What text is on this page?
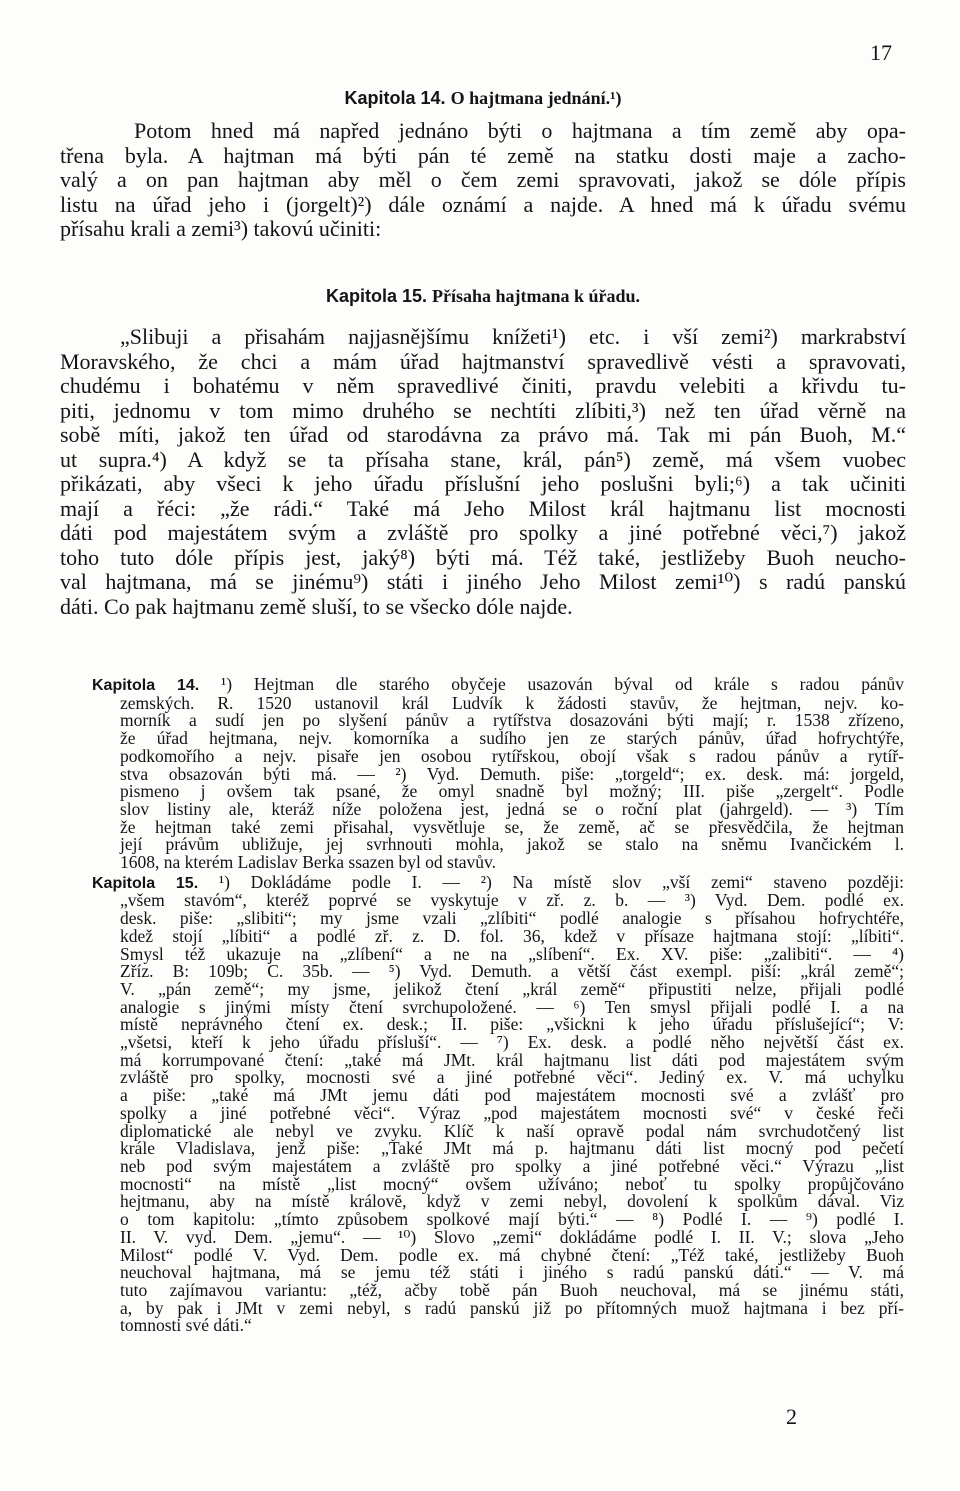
17
Kapitola 14. O hajtmana jednání.¹)

Potom hned má napřed jednáno býti o hajtmana a tím země aby opa-
třena byla. A hajtman má býti pán té země na statku dosti maje a zacho-
valý a on pan hajtman aby měl o čem zemi spravovati, jakož se dóle přípis
listu na úřad jeho i (jorgelt)²) dále oznámí a najde. A hned má k úřadu svému
přísahu krali a zemi³) takovú učiniti:

Kapitola 15. Přísaha hajtmana k úřadu.

„Slibuji a přisahám najjasnějšímu knížeti¹) etc. i vší zemi²) markrabství
Moravského, že chci a mám úřad hajtmanství spravedlivě vésti a spravovati,
chudému i bohatému v něm spravedlivé činiti, pravdu velebiti a křivdu tu-
piti, jednomu v tom mimo druhého se nechtíti zlíbiti,³) než ten úřad věrně na
sobě míti, jakož ten úřad od starodávna za právo má. Tak mi pán Buoh, M.“
ut supra.⁴) A když se ta přísaha stane, král, pán⁵) země, má všem vuobec
přikázati, aby všeci k jeho úřadu příslušní jeho poslušni byli;⁶) a tak učiniti
mají a řéci: „že rádi.“ Také má Jeho Milost král hajtmanu list mocnosti
dáti pod majestátem svým a zvláště pro spolky a jiné potřebné věci,⁷) jakož
toho tuto dóle přípis jest, jaký⁸) býti má. Též také, jestližeby Buoh neucho-
val hajtmana, má se jinému⁹) státi i jiného Jeho Milost zemi¹⁰) s radú panskú
dáti. Co pak hajtmanu země sluší, to se všecko dóle najde.

Kapitola 14. ¹) Hejtman dle starého obyčeje usazován býval od krále s radou pánův
zemských. R. 1520 ustanovil král Ludvík k žádosti stavův, že hejtman, nejv. ko-
morník a sudí jen po slyšení pánův a rytířstva dosazováni býti mají; r. 1538 zřízeno,
že úřad hejtmana, nejv. komorníka a sudího jen ze starých pánův, úřad hofrychtýře,
podkomořího a nejv. pisaře jen osobou rytířskou, obojí však s radou pánův a rytíř-
stva obsazován býti má. — ²) Vyd. Demuth. piše: „torgeld“; ex. desk. má: jorgeld,
pismeno j ovšem tak psané, že omyl snadně byl možný; III. piše „zergelt“. Podle
slov listiny ale, kteráž níže položena jest, jedná se o roční plat (jahrgeld). — ³) Tím
že hejtman také zemi přisahal, vysvětluje se, že země, ač se přesvědčila, že hejtman
její právům ubližuje, jej svrhnouti mohla, jakož se stalo na sněmu Ivančickém l.
1608, na kterém Ladislav Berka ssazen byl od stavův.

Kapitola 15. ¹) Dokládáme podle I. — ²) Na místě slov „vší zemi“ staveno později:
„všem stavóm“, kteréž poprvé se vyskytuje v zř. z. b. — ³) Vyd. Dem. podlé ex.
desk. piše: „slibiti“; my jsme vzali „zlíbiti“ podlé analogie s přísahou hofrychtéře,
kdež stojí „líbiti“ a podlé zř. z. D. fol. 36, kdež v přísaze hajtmana stojí: „líbiti“.
Smysl též ukazuje na „zlíbení“ a ne na „slíbení“. Ex. XV. piše: „zalibiti“. — ⁴)
Zříz. B: 109b; C. 35b. — ⁵) Vyd. Demuth. a větší část exempl. piší: „král země“;
V. „pán země“; my jsme, jelikož čtení „král země“ připustiti nelze, přijali podlé
analogie s jinými místy čtení svrchupoložené. — ⁶) Ten smysl přijali podlé I. a na
místě neprávného čtení ex. desk.; II. piše: „všickni k jeho úřadu příslušející“; V:
„všetsi, kteří k jeho úřadu přísluší“. — ⁷) Ex. desk. a podlé něho největší část ex.
má korrumpované čtení: „také má JMt. král hajtmanu list dáti pod majestátem svým
zvláště pro spolky, mocnosti své a jiné potřebné věci“. Jediný ex. V. má uchylku
a piše: „také má JMt jemu dáti pod majestátem mocnosti své a zvlášť pro
spolky a jiné potřebné věci“. Výraz „pod majestátem mocnosti své“ v české řeči
diplomatické ale nebyl ve zvyku. Klíč k naší opravě podal nám svrchudotčený list
krále Vladislava, jenž piše: „Také JMt má p. hajtmanu dáti list mocný pod pečetí
neb pod svým majestátem a zvláště pro spolky a jiné potřebné věci.“ Výrazu „list
mocnosti“ na místě „list mocný“ ovšem užíváno; neboť tu spolky propůjčováno
hejtmanu, aby na místě královĕ, když v zemi nebyl, dovolení k spolkům dával. Viz
o tom kapitolu: „tímto způsobem spolkové mají býti.“ — ⁸) Podlé I. — ⁹) podlé I.
II. V. vyd. Dem. „jemu“. — ¹⁰) Slovo „zemi“ dokládáme podlé I. II. V.; slova „Jeho
Milost“ podlé V. Vyd. Dem. podle ex. má chybné čtení: „Též také, jestližeby Buoh
neuchoval hajtmana, má se jemu též státi i jiného s radú panskú dáti.“ — V. má
tuto zajímavou variantu: „též, ačby tobě pán Buoh neuchoval, má se jinému státi,
a, by pak i JMt v zemi nebyl, s radú panskú již po přítomných muož hajtmana i bez pří-
tomnosti své dáti.“

2
